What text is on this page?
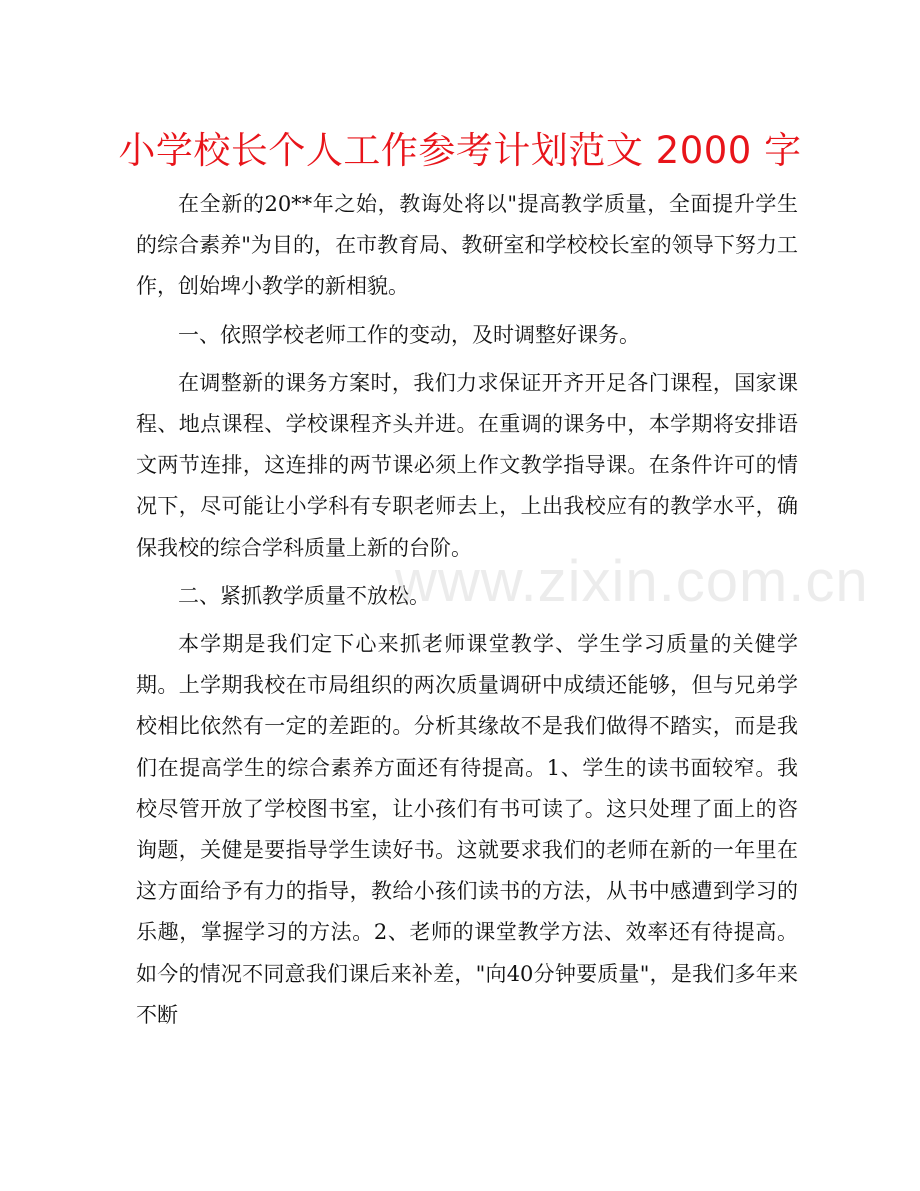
小学校长个人工作参考计划范文 2000 字

在全新的20**年之始，教诲处将以"提高教学质量，全面提升学生的综合素养"为目的，在市教育局、教研室和学校校长室的领导下努力工作，创始埤小教学的新相貌。

一、依照学校老师工作的变动，及时调整好课务。

在调整新的课务方案时，我们力求保证开齐开足各门课程，国家课程、地点课程、学校课程齐头并进。在重调的课务中，本学期将安排语文两节连排，这连排的两节课必须上作文教学指导课。在条件许可的情况下，尽可能让小学科有专职老师去上，上出我校应有的教学水平，确保我校的综合学科质量上新的台阶。

二、紧抓教学质量不放松。

本学期是我们定下心来抓老师课堂教学、学生学习质量的关健学期。上学期我校在市局组织的两次质量调研中成绩还能够，但与兄弟学校相比依然有一定的差距的。分析其缘故不是我们做得不踏实，而是我们在提高学生的综合素养方面还有待提高。1、学生的读书面较窄。我校尽管开放了学校图书室，让小孩们有书可读了。这只处理了面上的咨询题，关健是要指导学生读好书。这就要求我们的老师在新的一年里在这方面给予有力的指导，教给小孩们读书的方法，从书中感遭到学习的乐趣，掌握学习的方法。2、老师的课堂教学方法、效率还有待提高。如今的情况不同意我们课后来补差，"向40分钟要质量"，是我们多年来不断

www.zixin.com.cn
